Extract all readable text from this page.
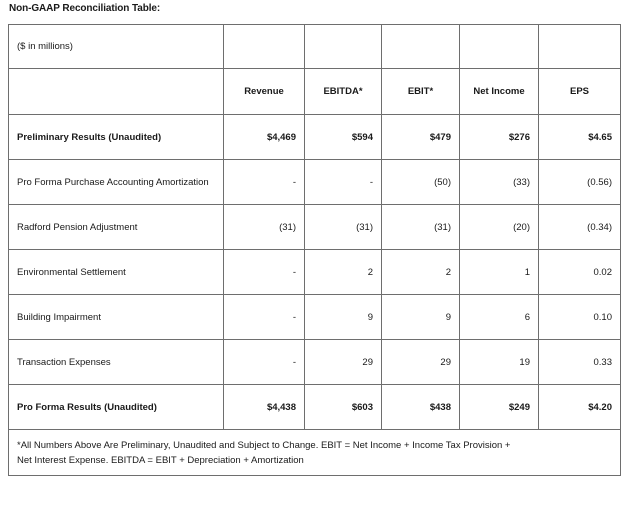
Non-GAAP Reconciliation Table:
($ in millions)					
	Revenue	EBITDA*	EBIT*	Net Income	EPS
Preliminary Results (Unaudited)	$4,469	$594	$479	$276	$4.65
Pro Forma Purchase Accounting Amortization	-	-	(50)	(33)	(0.56)
Radford Pension Adjustment	(31)	(31)	(31)	(20)	(0.34)
Environmental Settlement	-	2	2	1	0.02
Building Impairment	-	9	9	6	0.10
Transaction Expenses	-	29	29	19	0.33
Pro Forma Results (Unaudited)	$4,438	$603	$438	$249	$4.20

*All Numbers Above Are Preliminary, Unaudited and Subject to Change. EBIT = Net Income + Income Tax Provision +
Net Interest Expense. EBITDA = EBIT + Depreciation + Amortization					
